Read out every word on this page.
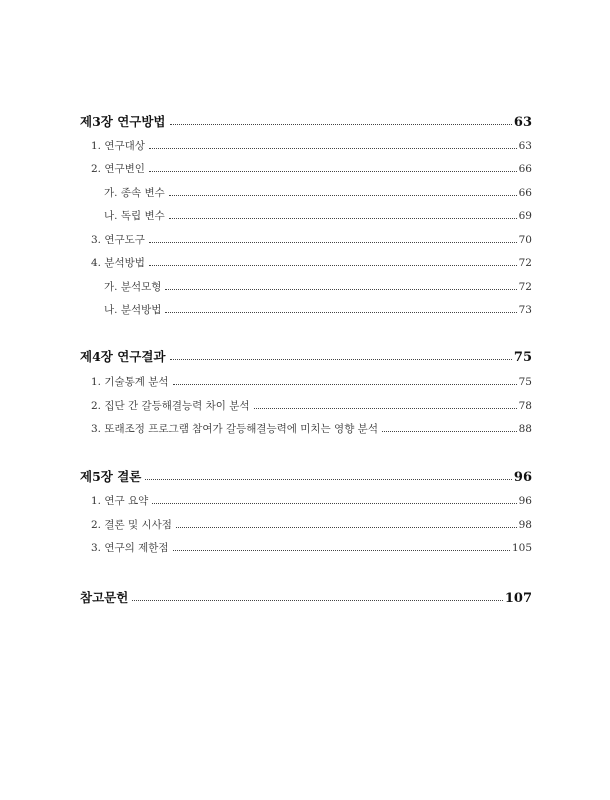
제3장 연구방법	63
1. 연구대상	63
2. 연구변인	66
가. 종속 변수	66
나. 독립 변수	69
3. 연구도구	70
4. 분석방법	72
가. 분석모형	72
나. 분석방법	73
제4장 연구결과	75
1. 기술통계 분석	75
2. 집단 간 갈등해결능력 차이 분석	78
3. 또래조정 프로그램 참여가 갈등해결능력에 미치는 영향 분석	88
제5장 결론	96
1. 연구 요약	96
2. 결론 및 시사점	98
3. 연구의 제한점	105
참고문헌	107
